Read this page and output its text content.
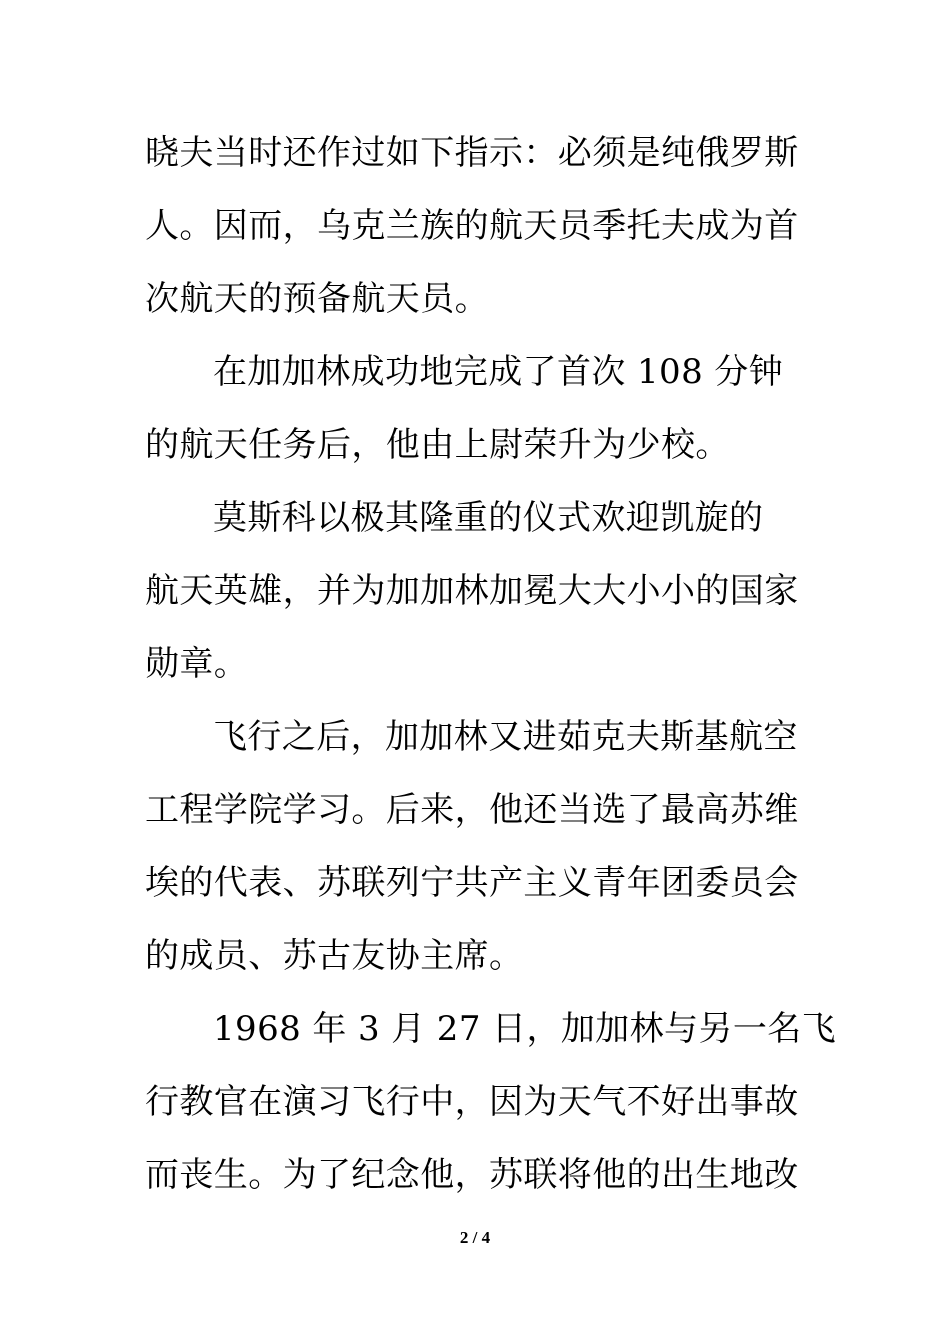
晓夫当时还作过如下指示：必须是纯俄罗斯
人。因而，乌克兰族的航天员季托夫成为首
次航天的预备航天员。
在加加林成功地完成了首次 108 分钟
的航天任务后，他由上尉荣升为少校。
莫斯科以极其隆重的仪式欢迎凯旋的
航天英雄，并为加加林加冕大大小小的国家
勋章。
飞行之后，加加林又进茹克夫斯基航空
工程学院学习。后来，他还当选了最高苏维
埃的代表、苏联列宁共产主义青年团委员会
的成员、苏古友协主席。
1968 年 3 月 27 日，加加林与另一名飞
行教官在演习飞行中，因为天气不好出事故
而丧生。为了纪念他，苏联将他的出生地改
2 / 4
